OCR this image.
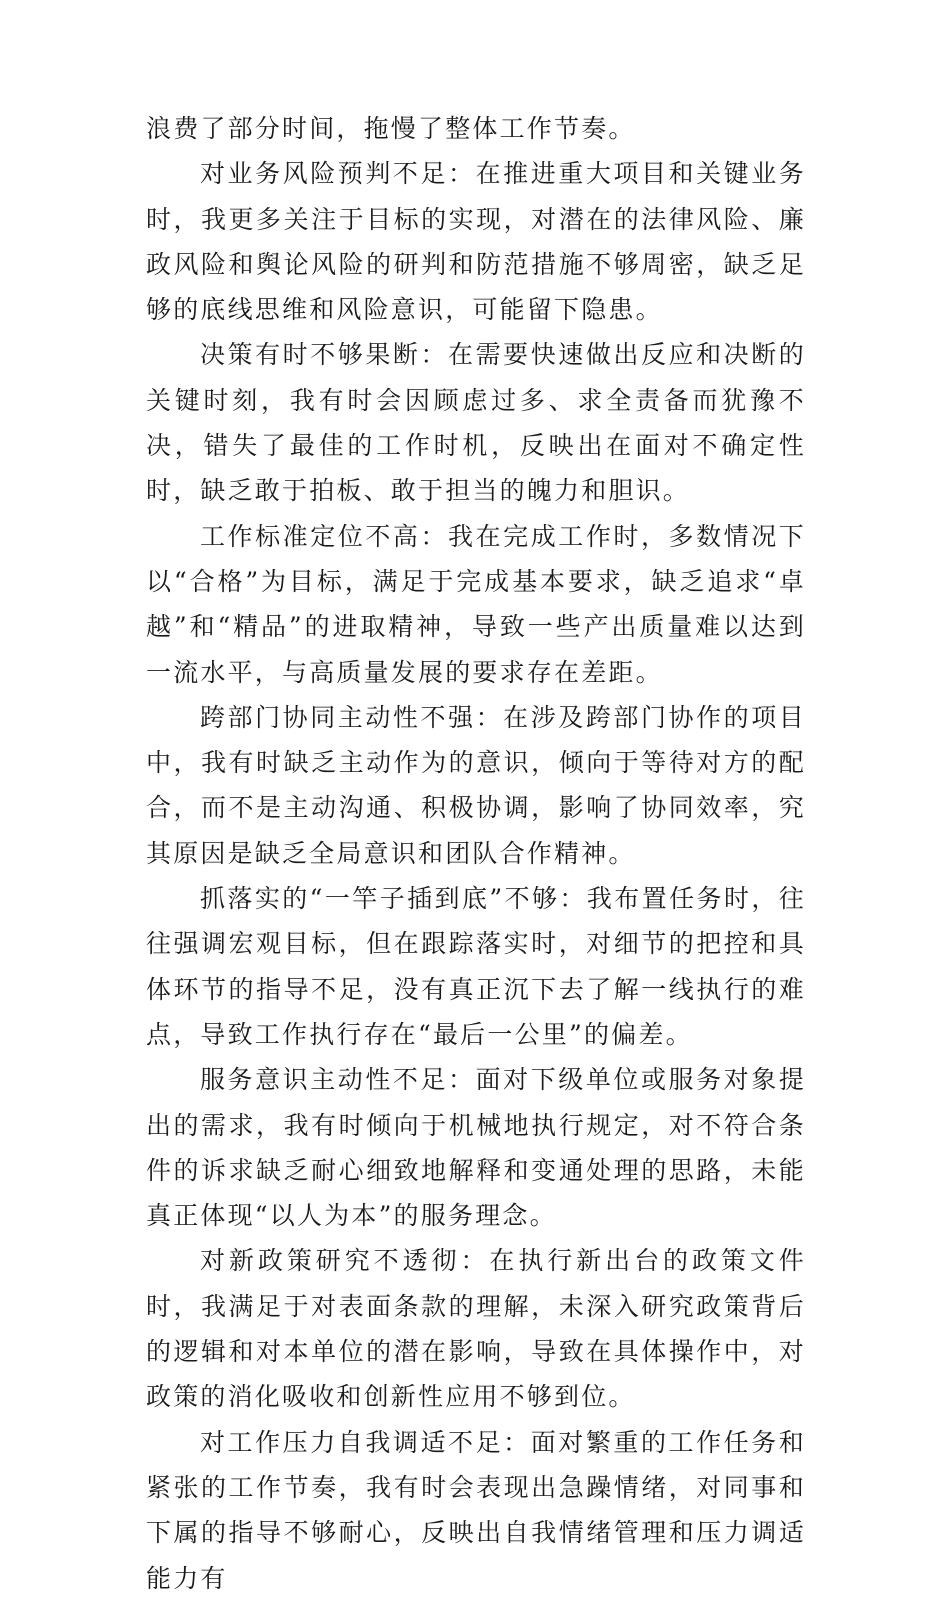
浪费了部分时间，拖慢了整体工作节奏。

对业务风险预判不足：在推进重大项目和关键业务时，我更多关注于目标的实现，对潜在的法律风险、廉政风险和舆论风险的研判和防范措施不够周密，缺乏足够的底线思维和风险意识，可能留下隐患。

决策有时不够果断：在需要快速做出反应和决断的关键时刻，我有时会因顾虑过多、求全责备而犹豫不决，错失了最佳的工作时机，反映出在面对不确定性时，缺乏敢于拍板、敢于担当的魄力和胆识。

工作标准定位不高：我在完成工作时，多数情况下以“合格”为目标，满足于完成基本要求，缺乏追求“卓越”和“精品”的进取精神，导致一些产出质量难以达到一流水平，与高质量发展的要求存在差距。

跨部门协同主动性不强：在涉及跨部门协作的项目中，我有时缺乏主动作为的意识，倾向于等待对方的配合，而不是主动沟通、积极协调，影响了协同效率，究其原因是缺乏全局意识和团队合作精神。

抓落实的“一竿子插到底”不够：我布置任务时，往往强调宏观目标，但在跟踪落实时，对细节的把控和具体环节的指导不足，没有真正沉下去了解一线执行的难点，导致工作执行存在“最后一公里”的偏差。

服务意识主动性不足：面对下级单位或服务对象提出的需求，我有时倾向于机械地执行规定，对不符合条件的诉求缺乏耐心细致地解释和变通处理的思路，未能真正体现“以人为本”的服务理念。

对新政策研究不透彻：在执行新出台的政策文件时，我满足于对表面条款的理解，未深入研究政策背后的逻辑和对本单位的潜在影响，导致在具体操作中，对政策的消化吸收和创新性应用不够到位。

对工作压力自我调适不足：面对繁重的工作任务和紧张的工作节奏，我有时会表现出急躁情绪，对同事和下属的指导不够耐心，反映出自我情绪管理和压力调适能力有
